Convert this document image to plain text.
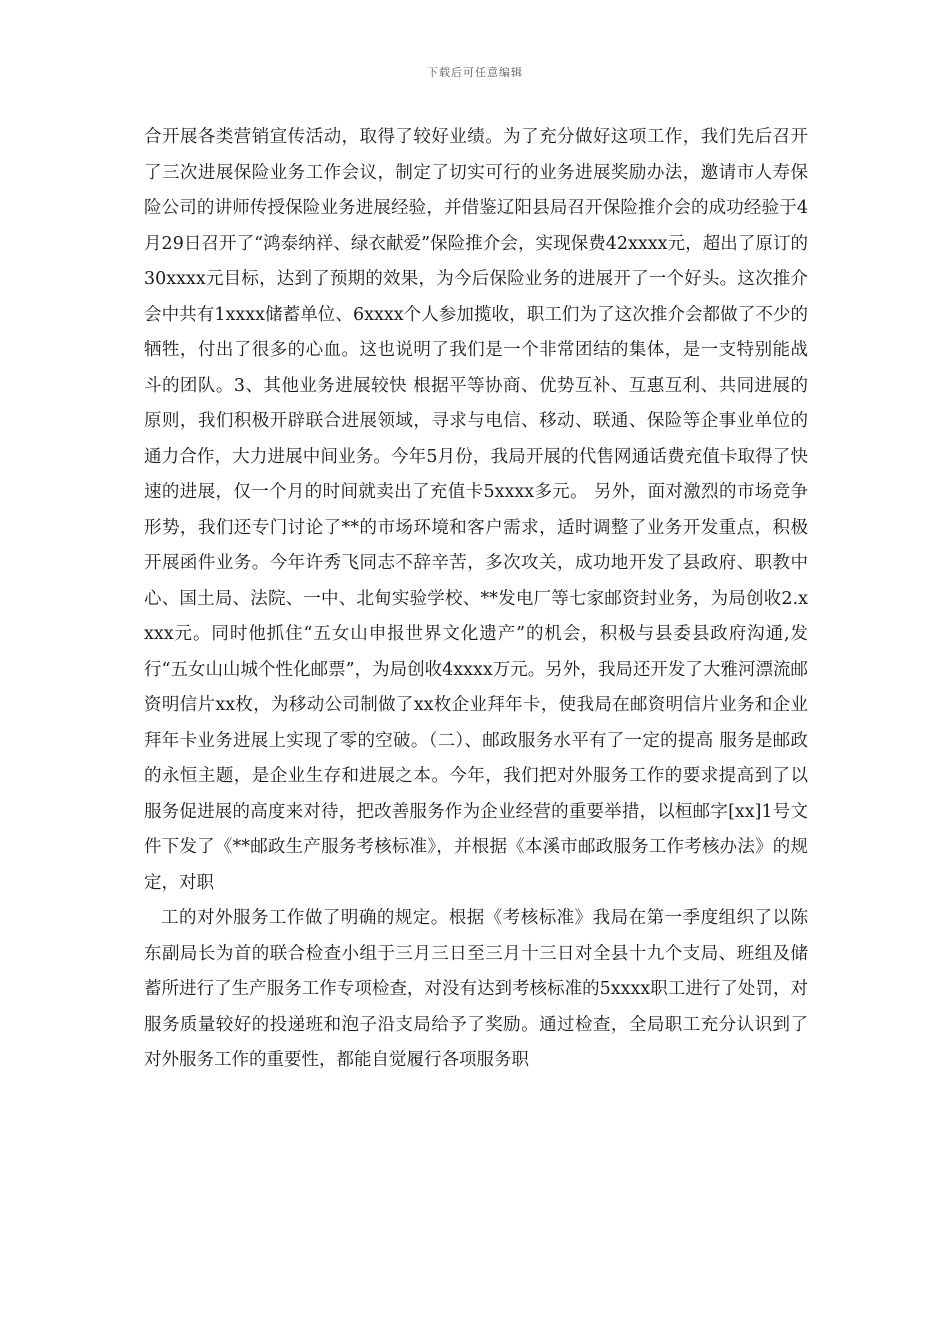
下载后可任意编辑

合开展各类营销宣传活动，取得了较好业绩。为了充分做好这项工作，我们先后召开了三次进展保险业务工作会议，制定了切实可行的业务进展奖励办法，邀请市人寿保险公司的讲师传授保险业务进展经验，并借鉴辽阳县局召开保险推介会的成功经验于4月29日召开了“鸿泰纳祥、绿衣献爱”保险推介会，实现保费42xxxx元，超出了原订的30xxxx元目标，达到了预期的效果，为今后保险业务的进展开了一个好头。这次推介会中共有1xxxx储蓄单位、6xxxx个人参加揽收，职工们为了这次推介会都做了不少的牺牲，付出了很多的心血。这也说明了我们是一个非常团结的集体，是一支特别能战斗的团队。3、其他业务进展较快 根据平等协商、优势互补、互惠互利、共同进展的原则，我们积极开辟联合进展领域，寻求与电信、移动、联通、保险等企事业单位的通力合作，大力进展中间业务。今年5月份，我局开展的代售网通话费充值卡取得了快速的进展，仅一个月的时间就卖出了充值卡5xxxx多元。 另外，面对激烈的市场竞争形势，我们还专门讨论了**的市场环境和客户需求，适时调整了业务开发重点，积极开展函件业务。今年许秀飞同志不辞辛苦，多次攻关，成功地开发了县政府、职教中心、国土局、法院、一中、北甸实验学校、**发电厂等七家邮资封业务，为局创收2.xxxx元。同时他抓住“五女山申报世界文化遗产”的机会，积极与县委县政府沟通,发行“五女山山城个性化邮票”，为局创收4xxxx万元。另外，我局还开发了大雅河漂流邮资明信片xx枚，为移动公司制做了xx枚企业拜年卡，使我局在邮资明信片业务和企业拜年卡业务进展上实现了零的空破。（二）、邮政服务水平有了一定的提高 服务是邮政的永恒主题，是企业生存和进展之本。今年，我们把对外服务工作的要求提高到了以服务促进展的高度来对待，把改善服务作为企业经营的重要举措，以桓邮字[xx]1号文件下发了《**邮政生产服务考核标准》，并根据《本溪市邮政服务工作考核办法》的规定，对职

工的对外服务工作做了明确的规定。根据《考核标准》我局在第一季度组织了以陈东副局长为首的联合检查小组于三月三日至三月十三日对全县十九个支局、班组及储蓄所进行了生产服务工作专项检查，对没有达到考核标准的5xxxx职工进行了处罚，对服务质量较好的投递班和泡子沿支局给予了奖励。通过检查，全局职工充分认识到了对外服务工作的重要性，都能自觉履行各项服务职
